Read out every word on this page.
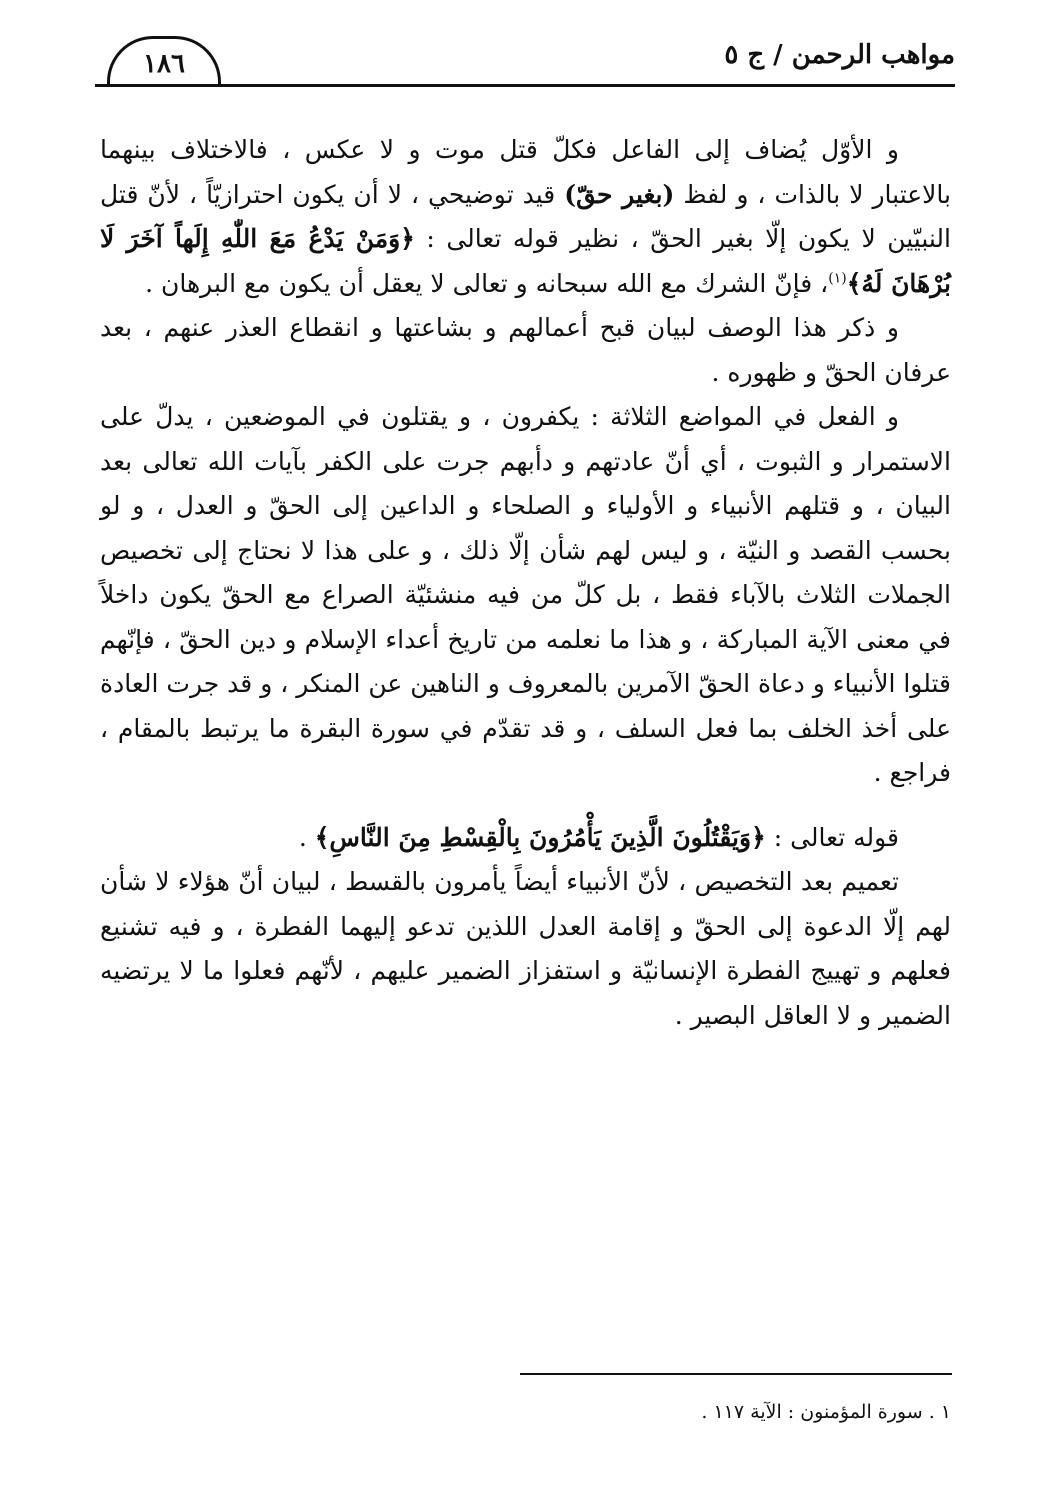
١٨٦	مواهب الرحمن / ج ٥

و الأوّل يُضاف إلى الفاعل فكلّ قتل موت و لا عكس ، فالاختلاف بينهما بالاعتبار لا بالذات ، و لفظ (بغير حقّ) قيد توضيحي ، لا أن يكون احترازيّاً ، لأنّ قتل النبيّين لا يكون إلّا بغير الحقّ ، نظير قوله تعالى : ﴿وَمَنْ يَدْعُ مَعَ اللّٰهِ إِلَهاً آخَرَ لَا بُرْهَانَ لَهُ﴾$^{(١)}$، فإنّ الشرك مع الله سبحانه و تعالى لا يعقل أن يكون مع البرهان .

و ذكر هذا الوصف لبيان قبح أعمالهم و بشاعتها و انقطاع العذر عنهم ، بعد عرفان الحقّ و ظهوره .

و الفعل في المواضع الثلاثة : يكفرون ، و يقتلون في الموضعين ، يدلّ على الاستمرار و الثبوت ، أي أنّ عادتهم و دأبهم جرت على الكفر بآيات الله تعالى بعد البيان ، و قتلهم الأنبياء و الأولياء و الصلحاء و الداعين إلى الحقّ و العدل ، و لو بحسب القصد و النيّة ، و ليس لهم شأن إلّا ذلك ، و على هذا لا نحتاج إلى تخصيص الجملات الثلاث بالآباء فقط ، بل كلّ من فيه منشئيّة الصراع مع الحقّ يكون داخلاً في معنى الآية المباركة ، و هذا ما نعلمه من تاريخ أعداء الإسلام و دين الحقّ ، فإنّهم قتلوا الأنبياء و دعاة الحقّ الآمرين بالمعروف و الناهين عن المنكر ، و قد جرت العادة على أخذ الخلف بما فعل السلف ، و قد تقدّم في سورة البقرة ما يرتبط بالمقام ، فراجع .

قوله تعالى : ﴿وَيَقْتُلُونَ الَّذِينَ يَأْمُرُونَ بِالْقِسْطِ مِنَ النَّاسِ﴾ .

تعميم بعد التخصيص ، لأنّ الأنبياء أيضاً يأمرون بالقسط ، لبيان أنّ هؤلاء لا شأن لهم إلّا الدعوة إلى الحقّ و إقامة العدل اللذين تدعو إليهما الفطرة ، و فيه تشنيع فعلهم و تهييج الفطرة الإنسانيّة و استفزاز الضمير عليهم ، لأنّهم فعلوا ما لا يرتضيه الضمير و لا العاقل البصير .

١ . سورة المؤمنون : الآية ١١٧ .
